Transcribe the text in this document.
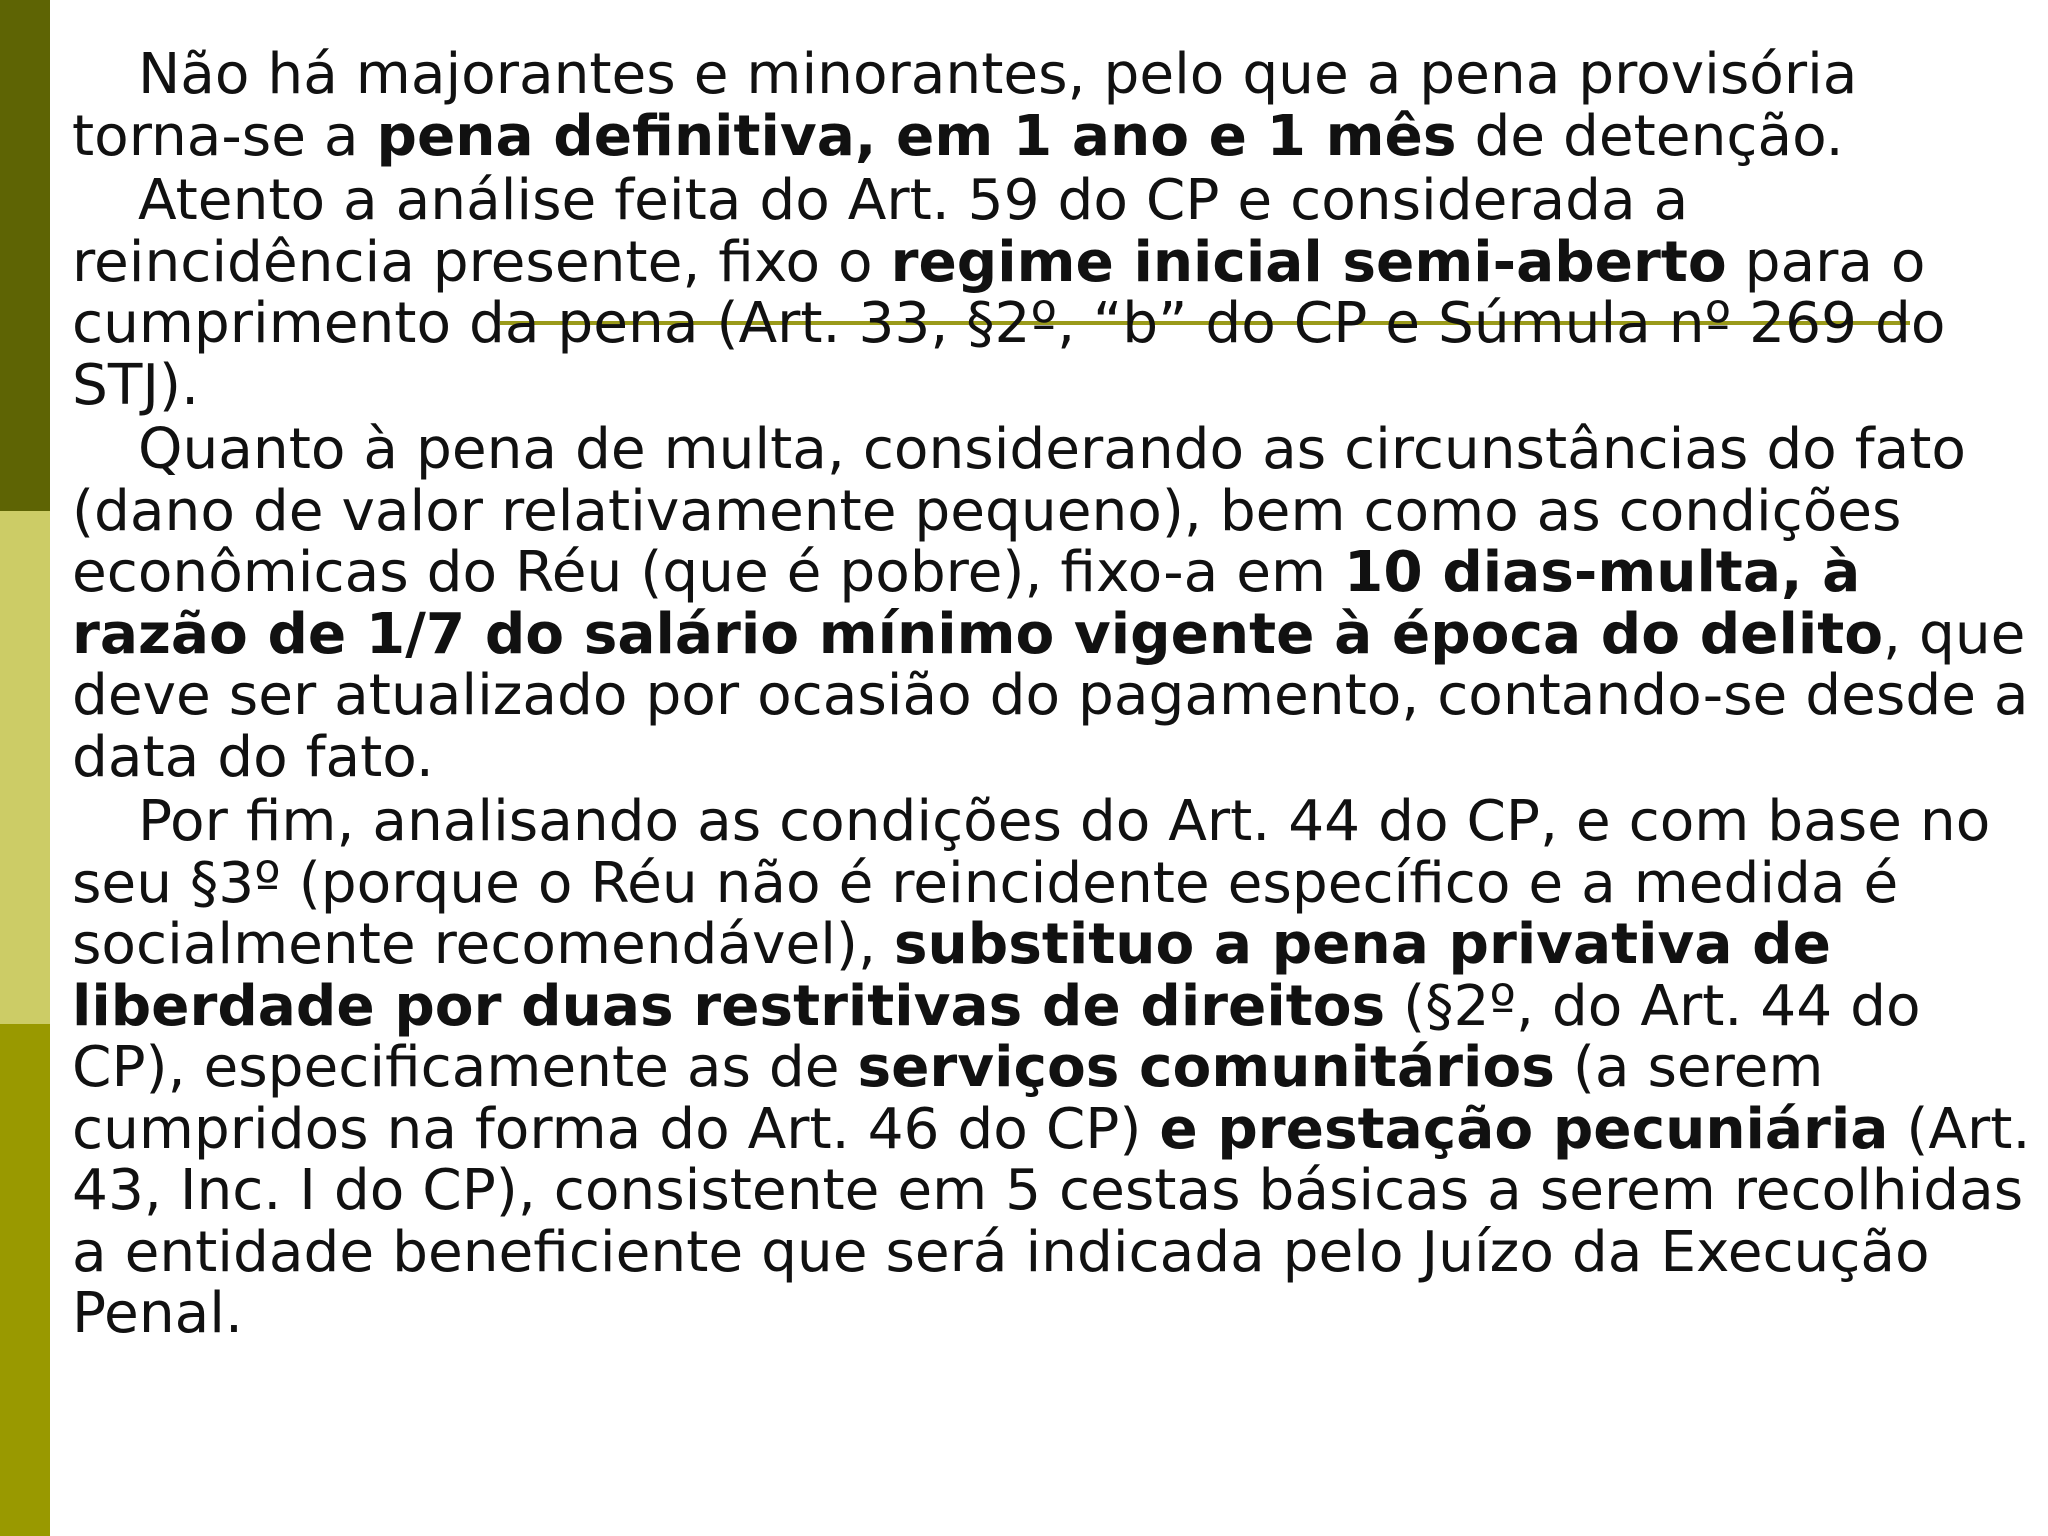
Não há majorantes e minorantes, pelo que a pena provisória torna-se a pena definitiva, em 1 ano e 1 mês de detenção.

Atento a análise feita do Art. 59 do CP e considerada a reincidência presente, fixo o regime inicial semi-aberto para o cumprimento da pena (Art. 33, §2º, “b” do CP e Súmula nº 269 do STJ).

Quanto à pena de multa, considerando as circunstâncias do fato (dano de valor relativamente pequeno), bem como as condições econômicas do Réu (que é pobre), fixo-a em 10 dias-multa, à razão de 1/7 do salário mínimo vigente à época do delito, que deve ser atualizado por ocasião do pagamento, contando-se desde a data do fato.

Por fim, analisando as condições do Art. 44 do CP, e com base no seu §3º (porque o Réu não é reincidente específico e a medida é socialmente recomendável), substituo a pena privativa de liberdade por duas restritivas de direitos (§2º, do Art. 44 do CP), especificamente as de serviços comunitários (a serem cumpridos na forma do Art. 46 do CP) e prestação pecuniária (Art. 43, Inc. I do CP), consistente em 5 cestas básicas a serem recolhidas a entidade beneficiente que será indicada pelo Juízo da Execução Penal.
